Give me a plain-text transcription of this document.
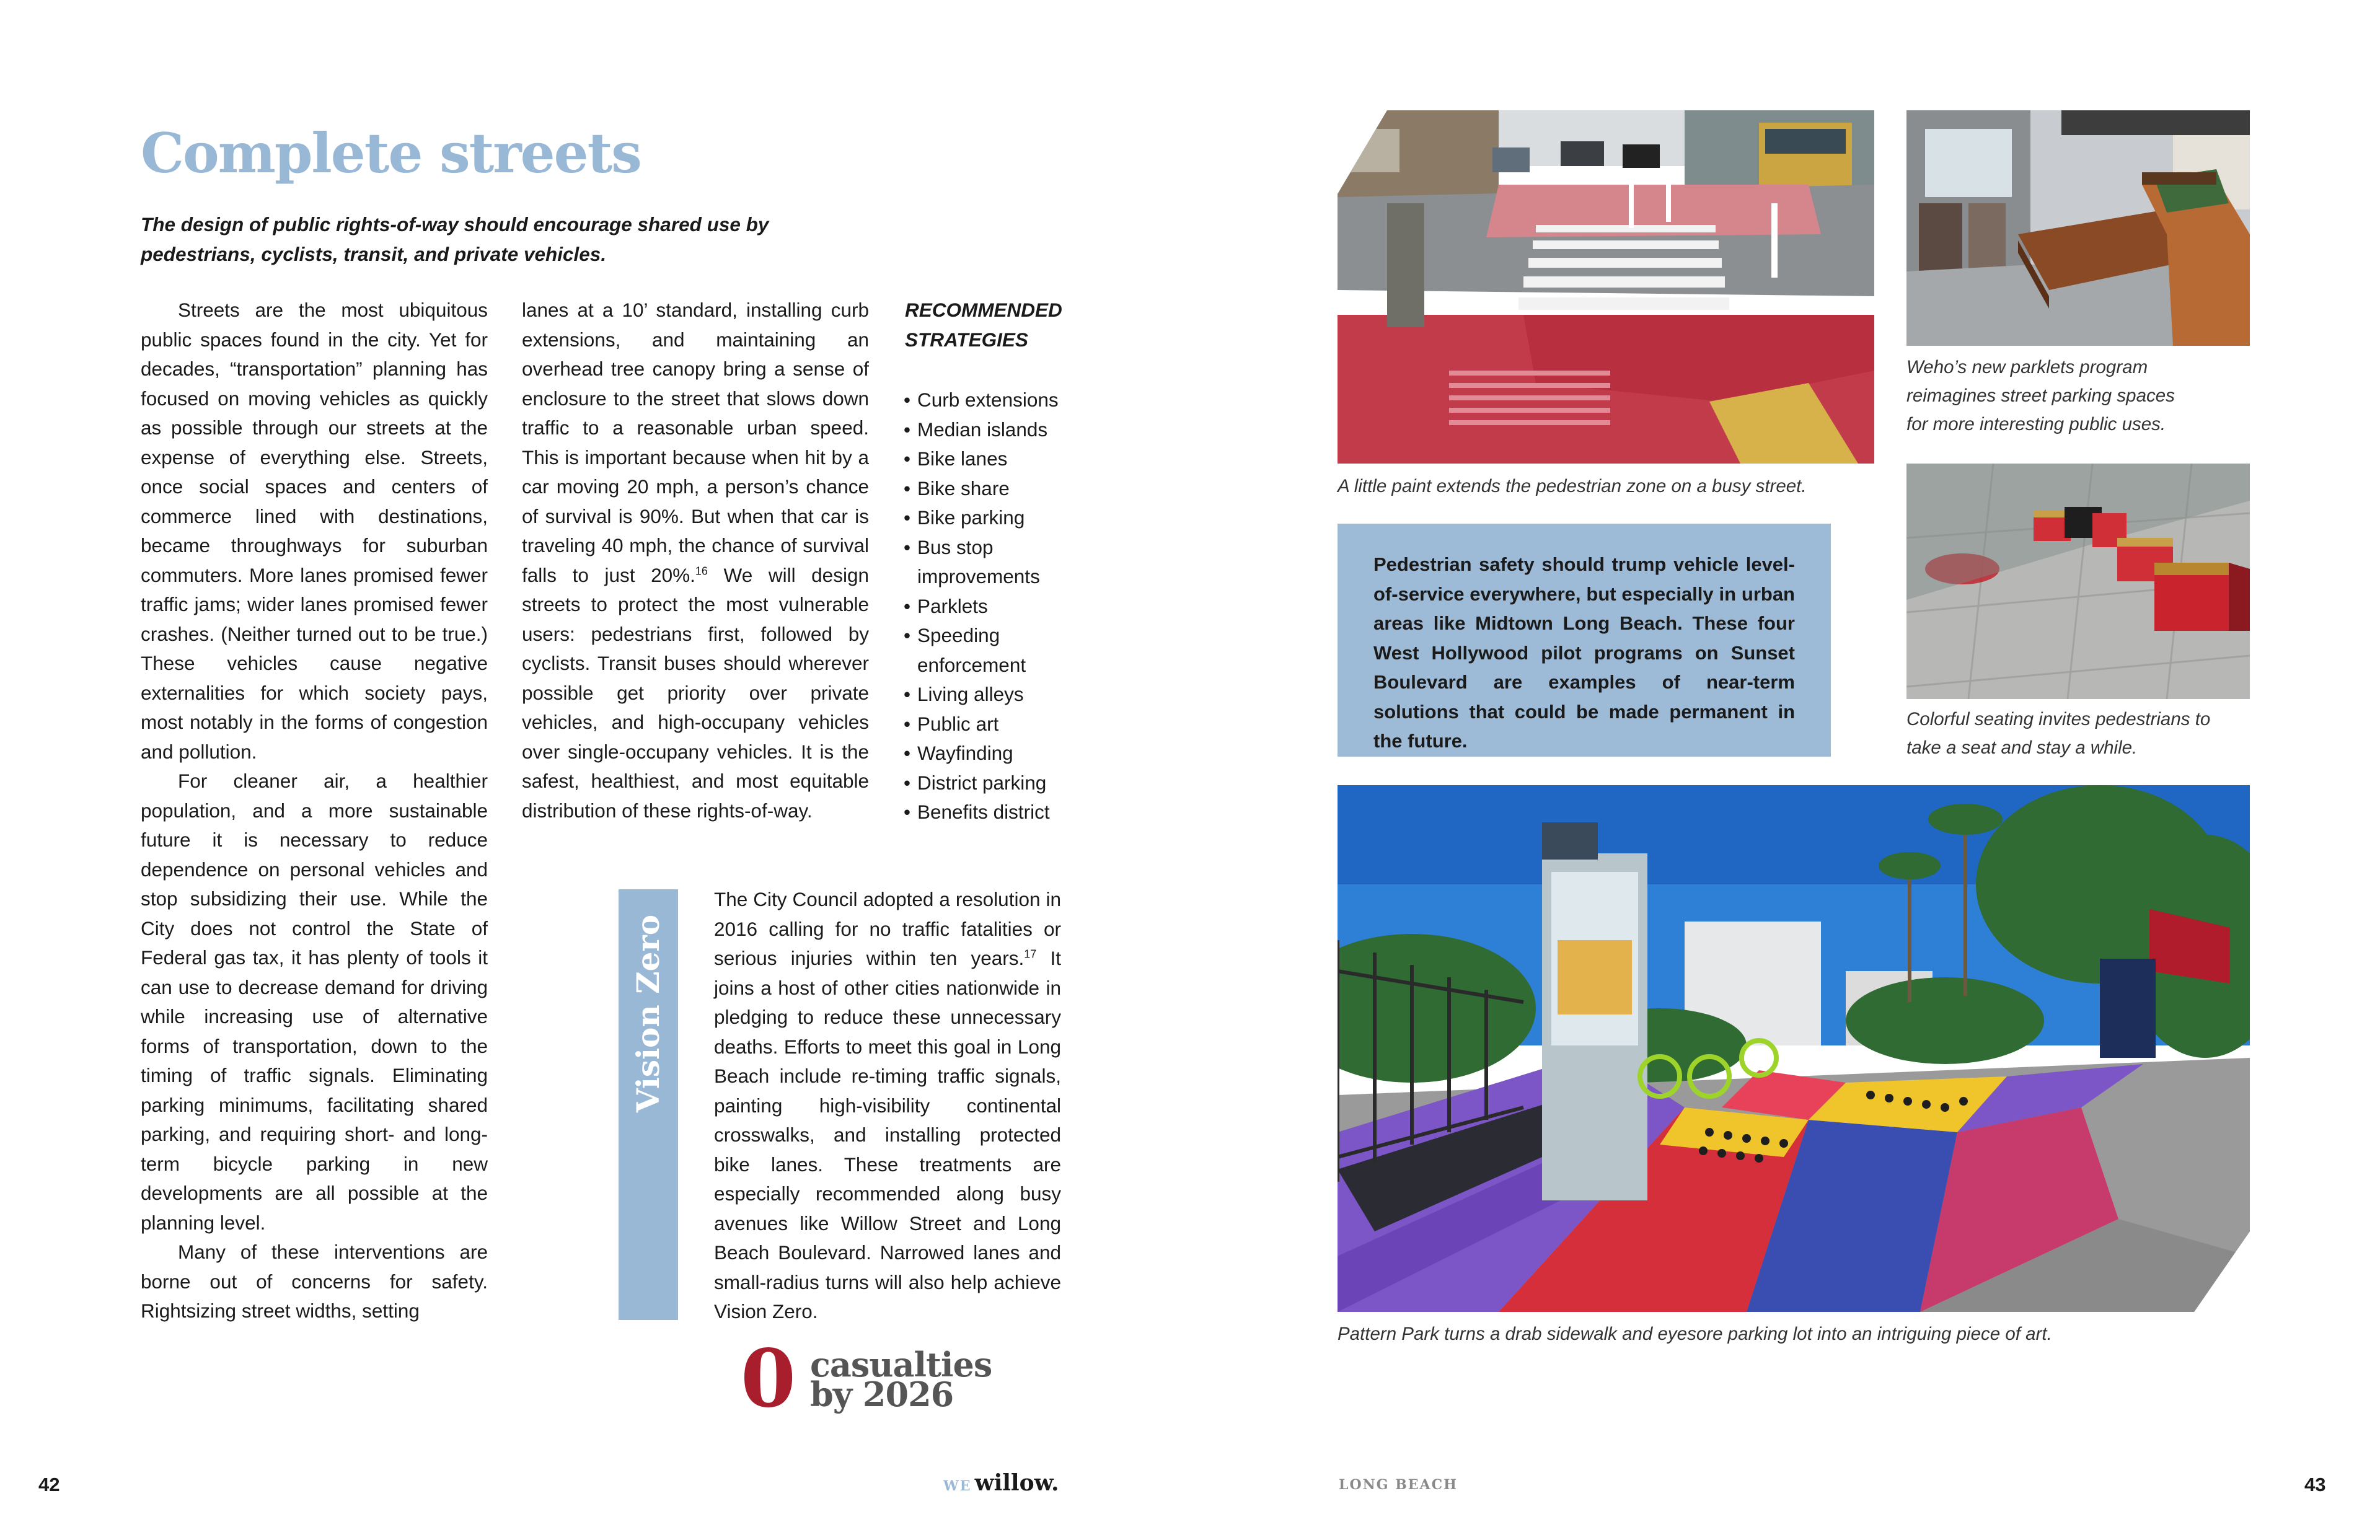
Complete streets

The design of public rights-of-way should encourage shared use by pedestrians, cyclists, transit, and private vehicles.

Streets are the most ubiquitous public spaces found in the city. Yet for decades, “transportation” planning has focused on moving vehicles as quickly as possible through our streets at the expense of everything else. Streets, once social spaces and centers of commerce lined with destinations, became throughways for suburban commuters. More lanes promised fewer traffic jams; wider lanes promised fewer crashes. (Neither turned out to be true.) These vehicles cause negative externalities for which society pays, most notably in the forms of congestion and pollution.

For cleaner air, a healthier population, and a more sustainable future it is necessary to reduce dependence on personal vehicles and stop subsidizing their use. While the City does not control the State of Federal gas tax, it has plenty of tools it can use to decrease demand for driving while increasing use of alternative forms of transportation, down to the timing of traffic signals. Eliminating parking minimums, facilitating shared parking, and requiring short- and long-term bicycle parking in new developments are all possible at the planning level.

Many of these interventions are borne out of concerns for safety. Rightsizing street widths, setting

lanes at a 10’ standard, installing curb extensions, and maintaining an overhead tree canopy bring a sense of enclosure to the street that slows down traffic to a reasonable urban speed. This is important because when hit by a car moving 20 mph, a person’s chance of survival is 90%. But when that car is traveling 40 mph, the chance of survival falls to just 20%.$^{16}$ We will design streets to protect the most vulnerable users: pedestrians first, followed by cyclists. Transit buses should wherever possible get priority over private vehicles, and high-occupany vehicles over single-occupany vehicles. It is the safest, healthiest, and most equitable distribution of these rights-of-way.

RECOMMENDED
STRATEGIES
• Curb extensions
• Median islands
• Bike lanes
• Bike share
• Bike parking
• Bus stop
improvements
• Parklets
• Speeding
enforcement
• Living alleys
• Public art
• Wayfinding
• District parking
• Benefits district
Vision Zero

The City Council adopted a resolution in 2016 calling for no traffic fatalities or serious injuries within ten years.$^{17}$ It joins a host of other cities nationwide in pledging to reduce these unnecessary deaths. Efforts to meet this goal in Long Beach include re-timing traffic signals, painting high-visibility continental crosswalks, and installing protected bike lanes. These treatments are especially recommended along busy avenues like Willow Street and Long Beach Boulevard. Narrowed lanes and small-radius turns will also help achieve Vision Zero.

0 casualties
by 2026
42	WE willow.	LONG BEACH	43

A little paint extends the pedestrian zone on a busy street.

Weho’s new parklets program
reimagines street parking spaces
for more interesting public uses.

Colorful seating invites pedestrians to
take a seat and stay a while.

Pedestrian safety should trump vehicle level-of-service everywhere, but especially in urban areas like Midtown Long Beach. These four West Hollywood pilot programs on Sunset Boulevard are examples of near-term solutions that could be made permanent in the future.

Pattern Park turns a drab sidewalk and eyesore parking lot into an intriguing piece of art.
